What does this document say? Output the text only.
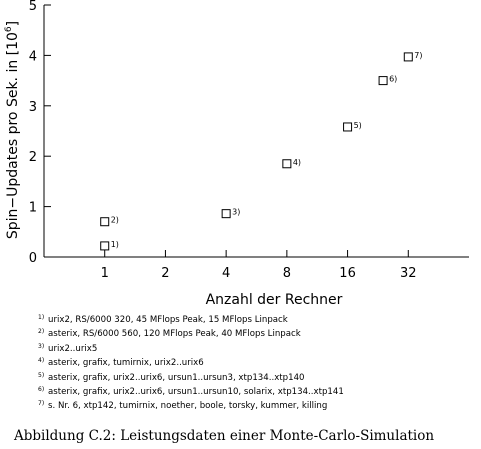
1	2	4	8	16	32
0
1
2
3
4
5
1)
2)
3)
4)
5)
6)
7)
Anzahl der Rechner
Spin−Updates pro Sek. in $[10^6]$
1) urix2, RS/6000 320, 45 MFlops Peak, 15 MFlops Linpack
2) asterix, RS/6000 560, 120 MFlops Peak, 40 MFlops Linpack
3) urix2..urix5
4) asterix, grafix, tumirnix, urix2..urix6
5) asterix, grafix, urix2..urix6, ursun1..ursun3, xtp134..xtp140
6) asterix, grafix, urix2..urix6, ursun1..ursun10, solarix, xtp134..xtp141
7) s. Nr. 6, xtp142, tumirnix, noether, boole, torsky, kummer, killing
Abbildung C.2: Leistungsdaten einer Monte-Carlo-Simulation
